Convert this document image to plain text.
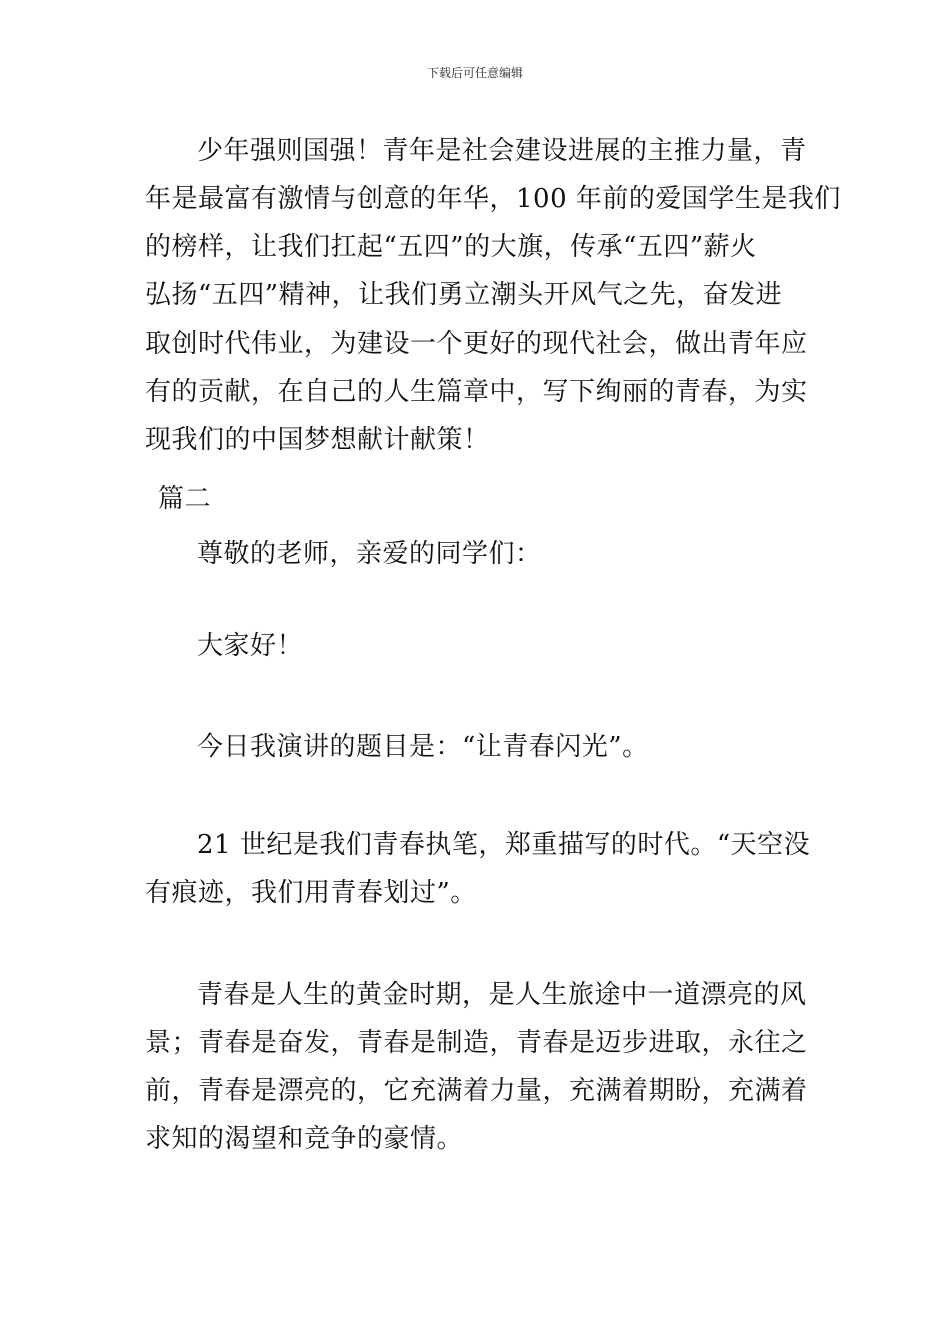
下载后可任意编辑
少年强则国强！青年是社会建设进展的主推力量，青
年是最富有激情与创意的年华，100 年前的爱国学生是我们
的榜样，让我们扛起“五四”的大旗，传承“五四”薪火
弘扬“五四”精神，让我们勇立潮头开风气之先，奋发进
取创时代伟业，为建设一个更好的现代社会，做出青年应
有的贡献，在自己的人生篇章中，写下绚丽的青春，为实
现我们的中国梦想献计献策！
篇二
尊敬的老师，亲爱的同学们：
大家好！
今日我演讲的题目是：“让青春闪光”。
21 世纪是我们青春执笔，郑重描写的时代。“天空没
有痕迹，我们用青春划过”。
青春是人生的黄金时期，是人生旅途中一道漂亮的风
景；青春是奋发，青春是制造，青春是迈步进取，永往之
前，青春是漂亮的，它充满着力量，充满着期盼，充满着
求知的渴望和竞争的豪情。
